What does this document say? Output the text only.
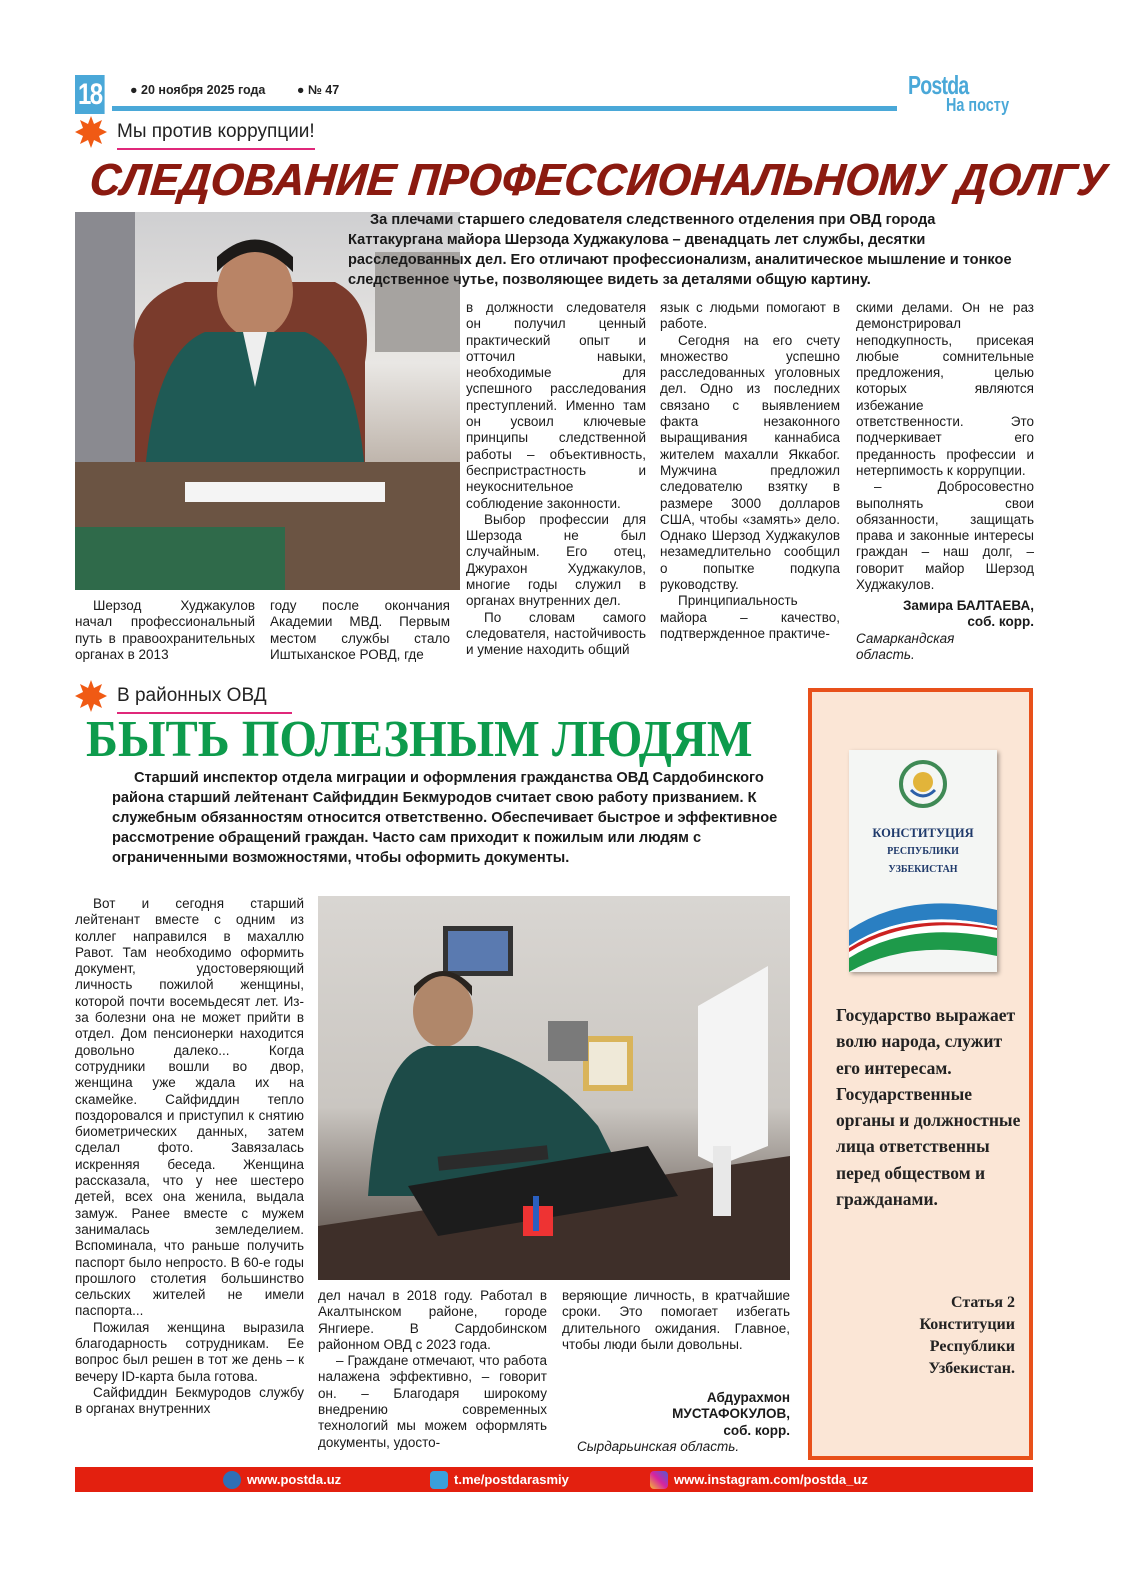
18 ● 20 ноября 2025 года	● № 47	Postda
На посту
Мы против коррупции!
СЛЕДОВАНИЕ ПРОФЕССИОНАЛЬНОМУ ДОЛГУ

За плечами старшего следователя следственного отделения при ОВД города Каттакургана майора Шерзода Худжакулова – двенадцать лет службы, десятки расследованных дел. Его отличают профессионализм, аналитическое мышление и тонкое следственное чутье, позволяющее видеть за деталями общую картину.

Шерзод Худжакулов начал профессиональный путь в правоохранительных органах в 2013

году после окончания Академии МВД. Первым местом службы стало Иштыханское РОВД, где

в должности следователя он получил ценный практический опыт и отточил навыки, необходимые для успешного расследования преступлений. Именно там он усвоил ключевые принципы следственной работы – объективность, беспристрастность и неукоснительное соблюдение законности.

Выбор профессии для Шерзода не был случайным. Его отец, Джурахон Худжакулов, многие годы служил в органах внутренних дел.

По словам самого следователя, настойчивость и умение находить общий

язык с людьми помогают в работе.

Сегодня на его счету множество успешно расследованных уголовных дел. Одно из последних связано с выявлением факта незаконного выращивания каннабиса жителем махалли Яккабог. Мужчина предложил следователю взятку в размере 3000 долларов США, чтобы «замять» дело. Однако Шерзод Худжакулов незамедлительно сообщил о попытке подкупа руководству.

Принципиальность майора – качество, подтвержденное практиче-

скими делами. Он не раз демонстрировал неподкупность, присекая любые сомнительные предложения, целью которых являются избежание ответственности. Это подчеркивает его преданность профессии и нетерпимость к коррупции.

– Добросовестно выполнять свои обязанности, защищать права и законные интересы граждан – наш долг, – говорит майор Шерзод Худжакулов.

Замира БАЛТАЕВА,
соб. корр.
Самаркандская область.
В районных ОВД
БЫТЬ ПОЛЕЗНЫМ ЛЮДЯМ

Старший инспектор отдела миграции и оформления гражданства ОВД Сардобинского района старший лейтенант Сайфиддин Бекмуродов считает свою работу призванием. К служебным обязанностям относится ответственно. Обеспечивает быстрое и эффективное рассмотрение обращений граждан. Часто сам приходит к пожилым или людям с ограниченными возможностями, чтобы оформить документы.

Вот и сегодня старший лейтенант вместе с одним из коллег направился в махаллю Равот. Там необходимо оформить документ, удостоверяющий личность пожилой женщины, которой почти восемьдесят лет. Из-за болезни она не может прийти в отдел. Дом пенсионерки находится довольно далеко... Когда сотрудники вошли во двор, женщина уже ждала их на скамейке. Сайфиддин тепло поздоровался и приступил к снятию биометрических данных, затем сделал фото. Завязалась искренняя беседа. Женщина рассказала, что у нее шестеро детей, всех она женила, выдала замуж. Ранее вместе с мужем занималась земледелием. Вспоминала, что раньше получить паспорт было непросто. В 60-е годы прошлого столетия большинство сельских жителей не имели паспорта...

Пожилая женщина выразила благодарность сотрудникам. Ее вопрос был решен в тот же день – к вечеру ID-карта была готова.

Сайфиддин Бекмуродов службу в органах внутренних

дел начал в 2018 году. Работал в Акалтынском районе, городе Янгиере. В Сардобинском районном ОВД с 2023 года.

– Граждане отмечают, что работа налажена эффективно, – говорит он. – Благодаря широкому внедрению современных технологий мы можем оформлять документы, удосто-

веряющие личность, в кратчайшие сроки. Это помогает избегать длительного ожидания. Главное, чтобы люди были довольны.

Абдурахмон
МУСТАФОКУЛОВ,
соб. корр.
Сырдарьинская область.
КОНСТИТУЦИЯ
РЕСПУБЛИКИ
УЗБЕКИСТАН
Государство выражает волю народа, служит его интересам. Государственные органы и должностные лица ответственны перед обществом и гражданами.
Статья 2
Конституции
Республики
Узбекистан.
www.postda.uz	t.me/postdarasmiy	www.instagram.com/postda_uz
